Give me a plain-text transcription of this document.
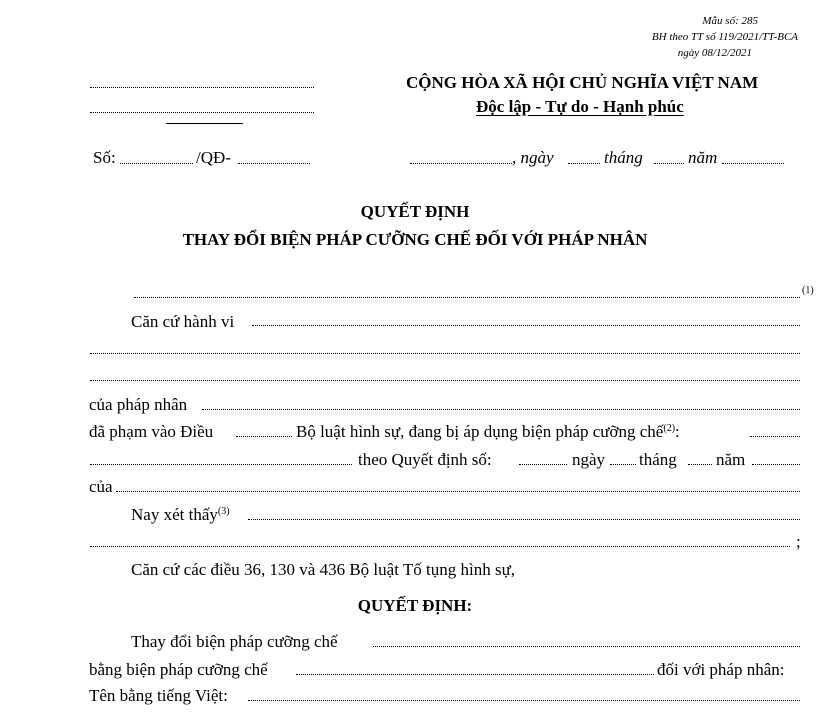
Mẫu số: 285
BH theo TT số 119/2021/TT-BCA
ngày 08/12/2021
CỘNG HÒA XÃ HỘI CHỦ NGHĨA VIỆT NAM
Độc lập - Tự do - Hạnh phúc
Số:	/QĐ-	, ngày	tháng	năm
QUYẾT ĐỊNH
THAY ĐỔI BIỆN PHÁP CƯỠNG CHẾ ĐỐI VỚI PHÁP NHÂN
(1)
Căn cứ hành vi
của pháp nhân
đã phạm vào Điều	Bộ luật hình sự, đang bị áp dụng biện pháp cưỡng chế$^{(2)}$:
theo Quyết định số:	ngày tháng năm
của
Nay xét thấy$^{(3)}$
;
Căn cứ các điều 36, 130 và 436 Bộ luật Tố tụng hình sự,
QUYẾT ĐỊNH:
Thay đổi biện pháp cưỡng chế
bằng biện pháp cưỡng chế	đối với pháp nhân:
Tên bằng tiếng Việt:
